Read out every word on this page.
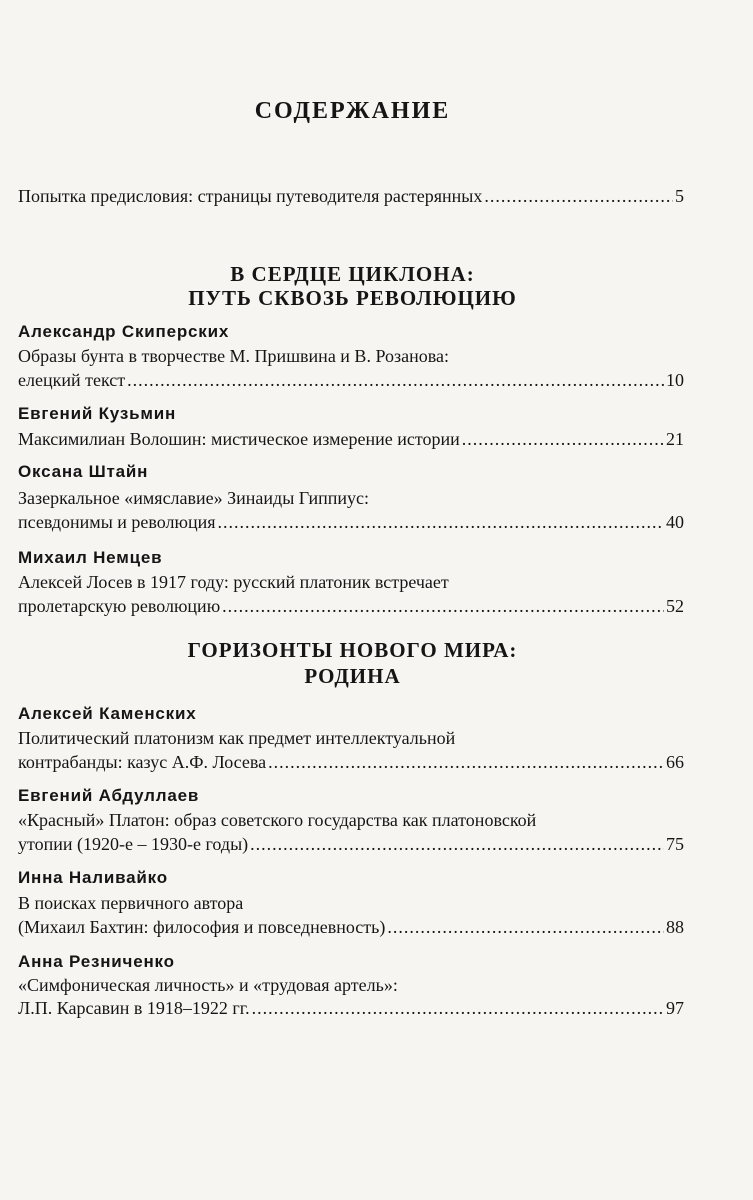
СОДЕРЖАНИЕ
Попытка предисловия: страницы путеводителя растерянных .....	5
В СЕРДЦЕ ЦИКЛОНА:
ПУТЬ СКВОЗЬ РЕВОЛЮЦИЮ
Александр Скиперских
Образы бунта в творчестве М. Пришвина и В. Розанова:
елецкий текст .....	10
Евгений Кузьмин
Максимилиан Волошин: мистическое измерение истории .....	21
Оксана Штайн
Зазеркальное «имяславие» Зинаиды Гиппиус:
псевдонимы и революция .....	40
Михаил Немцев
Алексей Лосев в 1917 году: русский платоник встречает
пролетарскую революцию .....	52
ГОРИЗОНТЫ НОВОГО МИРА:
РОДИНА
Алексей Каменских
Политический платонизм как предмет интеллектуальной
контрабанды: казус А.Ф. Лосева .....	66
Евгений Абдуллаев
«Красный» Платон: образ советского государства как платоновской
утопии (1920-е – 1930-е годы) .....	75
Инна Наливайко
В поисках первичного автора
(Михаил Бахтин: философия и повседневность) .....	88
Анна Резниченко
«Симфоническая личность» и «трудовая артель»:
Л.П. Карсавин в 1918–1922 гг. .....	97
